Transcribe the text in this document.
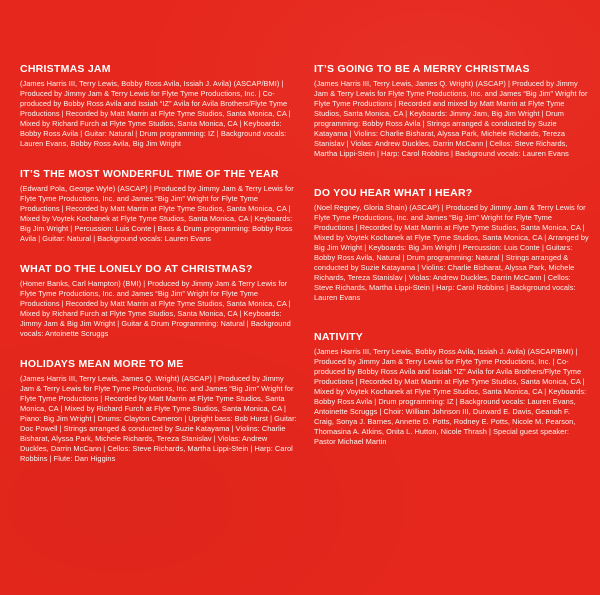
CHRISTMAS JAM

(James Harris III, Terry Lewis, Bobby Ross Avila, Issiah J. Avila) (ASCAP/BMI) | Produced by Jimmy Jam & Terry Lewis for Flyte Tyme Productions, Inc. | Co-produced by Bobby Ross Avila and Issiah “IZ” Avila for Avila Brothers/Flyte Tyme Productions | Recorded by Matt Marrin at Flyte Tyme Studios, Santa Monica, CA | Mixed by Richard Furch at Flyte Tyme Studios, Santa Monica, CA | Keyboards: Bobby Ross Avila | Guitar: Natural | Drum programming: IZ | Background vocals: Lauren Evans, Bobby Ross Avila, Big Jim Wright

IT’S THE MOST WONDERFUL TIME OF THE YEAR

(Edward Pola, George Wyle) (ASCAP) | Produced by Jimmy Jam & Terry Lewis for Flyte Tyme Productions, Inc. and James “Big Jim” Wright for Flyte Tyme Productions | Recorded by Matt Marrin at Flyte Tyme Studios, Santa Monica, CA | Mixed by Voytek Kochanek at Flyte Tyme Studios, Santa Monica, CA | Keyboards: Big Jim Wright | Percussion: Luis Conte | Bass & Drum programming: Bobby Ross Avila | Guitar: Natural | Background vocals: Lauren Evans

WHAT DO THE LONELY DO AT CHRISTMAS?

(Homer Banks, Carl Hampton) (BMI) | Produced by Jimmy Jam & Terry Lewis for Flyte Tyme Productions, Inc. and James “Big Jim” Wright for Flyte Tyme Productions | Recorded by Matt Marrin at Flyte Tyme Studios, Santa Monica, CA | Mixed by Richard Furch at Flyte Tyme Studios, Santa Monica, CA | Keyboards: Jimmy Jam & Big Jim Wright | Guitar & Drum Programming: Natural | Background vocals: Antoinette Scruggs

HOLIDAYS MEAN MORE TO ME

(James Harris III, Terry Lewis, James Q. Wright) (ASCAP) | Produced by Jimmy Jam & Terry Lewis for Flyte Tyme Productions, Inc. and James “Big Jim” Wright for Flyte Tyme Productions | Recorded by Matt Marrin at Flyte Tyme Studios, Santa Monica, CA | Mixed by Richard Furch at Flyte Tyme Studios, Santa Monica, CA | Piano: Big Jim Wright | Drums: Clayton Cameron | Upright bass: Bob Hurst | Guitar: Doc Powell | Strings arranged & conducted by Suzie Katayama | Violins: Charlie Bisharat, Alyssa Park, Michele Richards, Tereza Stanislav | Violas: Andrew Duckles, Darrin McCann | Cellos: Steve Richards, Martha Lippi-Stein | Harp: Carol Robbins | Flute: Dan Higgins

IT’S GOING TO BE A MERRY CHRISTMAS

(James Harris III, Terry Lewis, James Q. Wright) (ASCAP) | Produced by Jimmy Jam & Terry Lewis for Flyte Tyme Productions, Inc. and James “Big Jim” Wright for Flyte Tyme Productions | Recorded and mixed by Matt Marrin at Flyte Tyme Studios, Santa Monica, CA | Keyboards: Jimmy Jam, Big Jim Wright | Drum programming: Bobby Ross Avila | Strings arranged & conducted by Suzie Katayama | Violins: Charlie Bisharat, Alyssa Park, Michele Richards, Tereza Stanislav | Violas: Andrew Duckles, Darrin McCann | Cellos: Steve Richards, Martha Lippi-Stein | Harp: Carol Robbins | Background vocals: Lauren Evans

DO YOU HEAR WHAT I HEAR?

(Noel Regney, Gloria Shain) (ASCAP) | Produced by Jimmy Jam & Terry Lewis for Flyte Tyme Productions, Inc. and James “Big Jim” Wright for Flyte Tyme Productions | Recorded by Matt Marrin at Flyte Tyme Studios, Santa Monica, CA | Mixed by Voytek Kochanek at Flyte Tyme Studios, Santa Monica, CA | Arranged by Big Jim Wright | Keyboards: Big Jim Wright | Percussion: Luis Conte | Guitars: Bobby Ross Avila, Natural | Drum programming: Natural | Strings arranged & conducted by Suzie Katayama | Violins: Charlie Bisharat, Alyssa Park, Michele Richards, Tereza Stanislav | Violas: Andrew Duckles, Darrin McCann | Cellos: Steve Richards, Martha Lippi-Stein | Harp: Carol Robbins | Background vocals: Lauren Evans

NATIVITY

(James Harris III, Terry Lewis, Bobby Ross Avila, Issiah J. Avila) (ASCAP/BMI) | Produced by Jimmy Jam & Terry Lewis for Flyte Tyme Productions, Inc. | Co-produced by Bobby Ross Avila and Issiah “IZ” Avila for Avila Brothers/Flyte Tyme Productions | Recorded by Matt Marrin at Flyte Tyme Studios, Santa Monica, CA | Mixed by Voytek Kochanek at Flyte Tyme Studios, Santa Monica, CA | Keyboards: Bobby Ross Avila | Drum programming: IZ | Background vocals: Lauren Evans, Antoinette Scruggs | Choir: William Johnson III, Durward E. Davis, Geanah F. Craig, Sonya J. Barnes, Annette D. Potts, Rodney E. Potts, Nicole M. Pearson, Thomasina A. Atkins, Onita L. Hutton, Nicole Thrash | Special guest speaker: Pastor Michael Martin
